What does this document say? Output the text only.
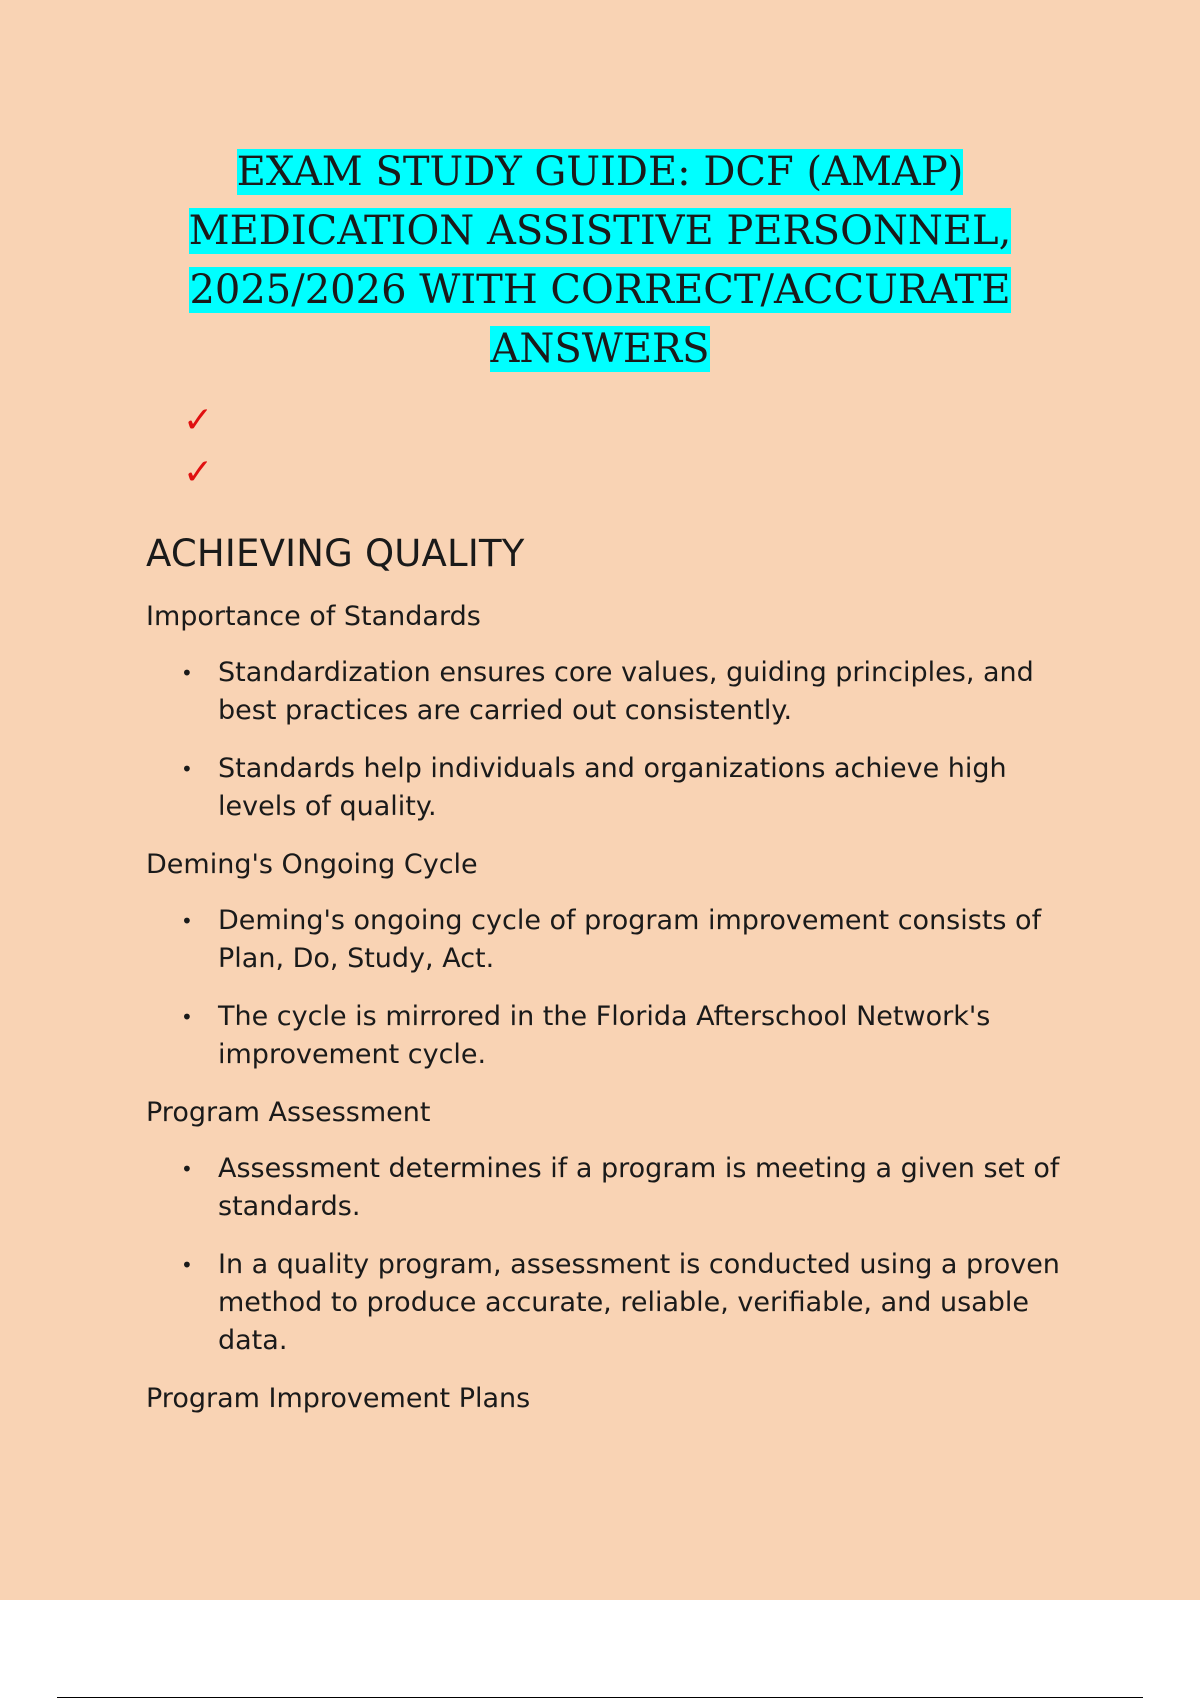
EXAM STUDY GUIDE: DCF (AMAP)
MEDICATION ASSISTIVE PERSONNEL,
2025/2026 WITH CORRECT/ACCURATE
ANSWERS
✓
✓
ACHIEVING QUALITY
Importance of Standards
• Standardization ensures core values, guiding principles, and best practices are carried out consistently.
• Standards help individuals and organizations achieve high levels of quality.
Deming's Ongoing Cycle
• Deming's ongoing cycle of program improvement consists of Plan, Do, Study, Act.
• The cycle is mirrored in the Florida Afterschool Network's improvement cycle.
Program Assessment
• Assessment determines if a program is meeting a given set of standards.
• In a quality program, assessment is conducted using a proven method to produce accurate, reliable, verifiable, and usable data.
Program Improvement Plans
